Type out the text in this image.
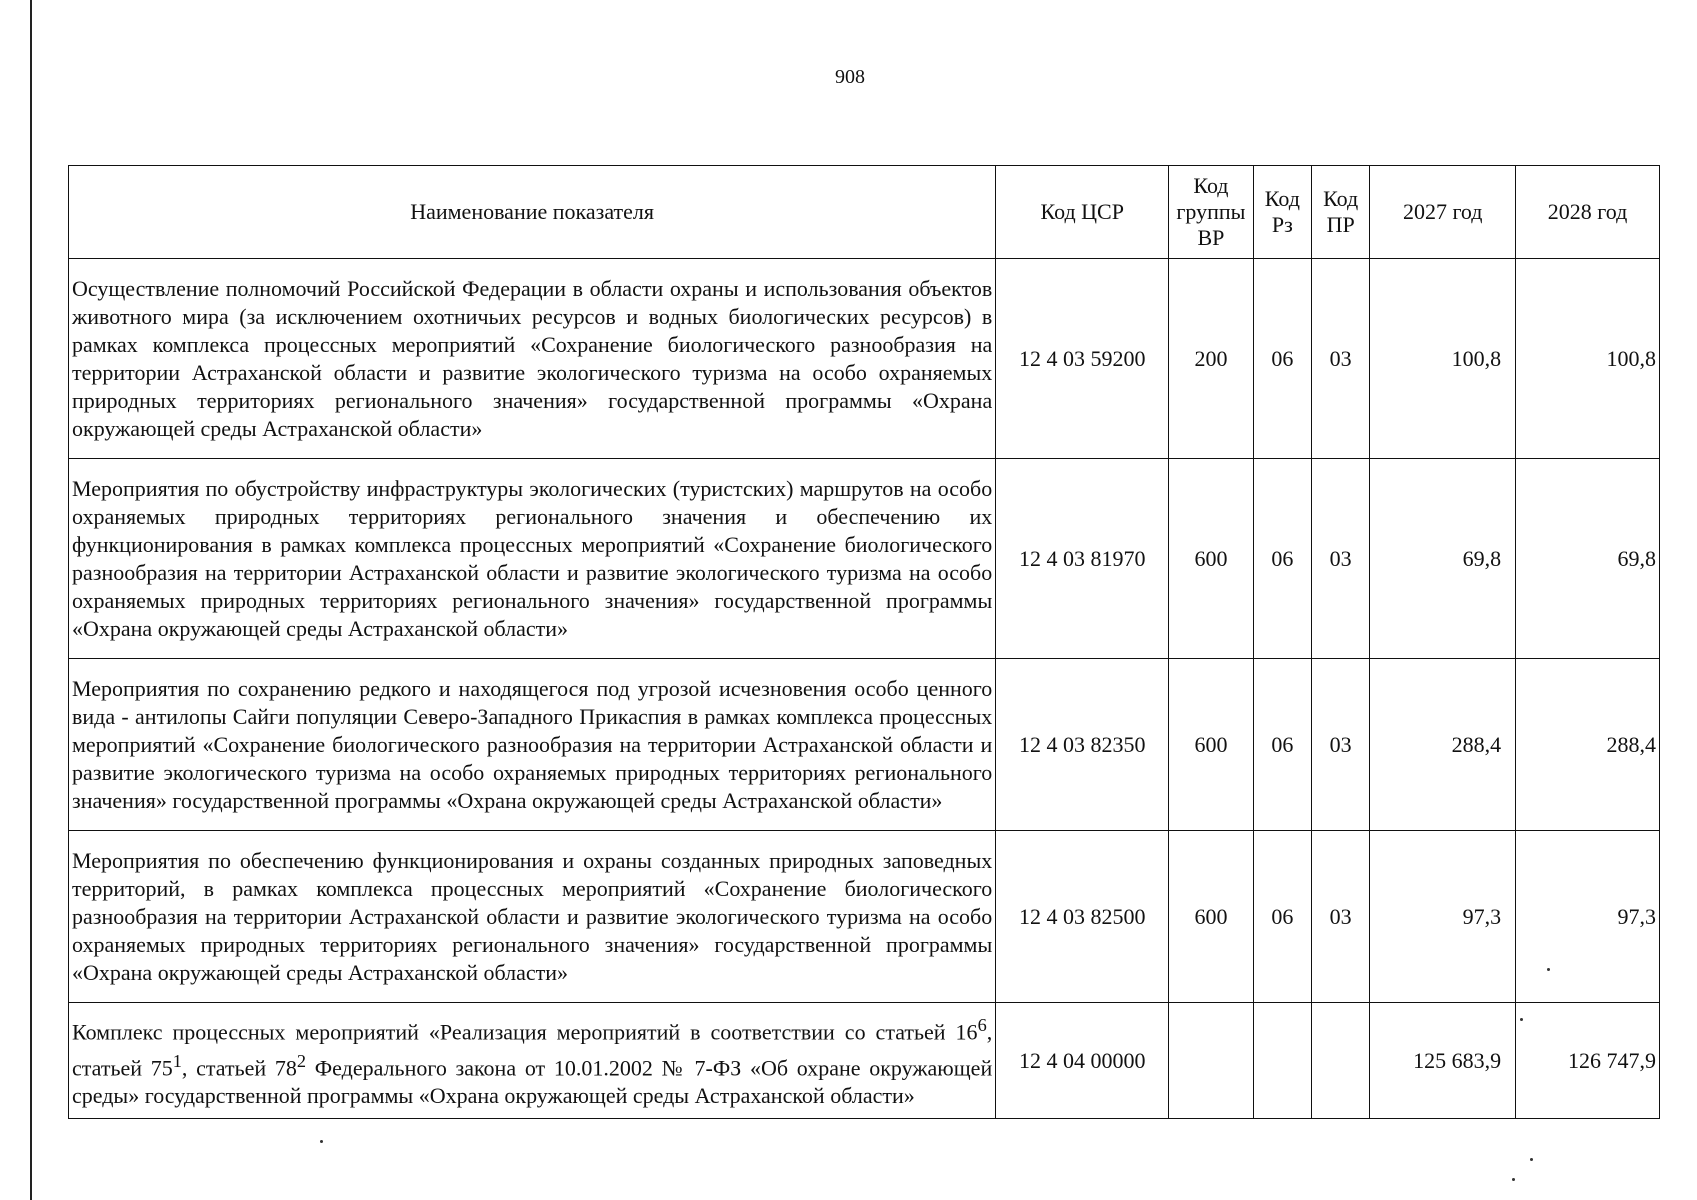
908
Наименование показателя	Код ЦСР	Код группы ВР	Код Рз	Код ПР	2027 год	2028 год
Осуществление полномочий Российской Федерации в области охраны и использования объектов животного мира (за исключением охотничьих ресурсов и водных биологических ресурсов) в рамках комплекса процессных мероприятий «Сохранение биологического разнообразия на территории Астраханской области и развитие экологического туризма на особо охраняемых природных территориях регионального значения» государственной программы «Охрана окружающей среды Астраханской области»	12 4 03 59200	200	06	03	100,8	100,8
Мероприятия по обустройству инфраструктуры экологических (туристских) маршрутов на особо охраняемых природных территориях регионального значения и обеспечению их функционирования в рамках комплекса процессных мероприятий «Сохранение биологического разнообразия на территории Астраханской области и развитие экологического туризма на особо охраняемых природных территориях регионального значения» государственной программы «Охрана окружающей среды Астраханской области»	12 4 03 81970	600	06	03	69,8	69,8
Мероприятия по сохранению редкого и находящегося под угрозой исчезновения особо ценного вида - антилопы Сайги популяции Северо-Западного Прикаспия в рамках комплекса процессных мероприятий «Сохранение биологического разнообразия на территории Астраханской области и развитие экологического туризма на особо охраняемых природных территориях регионального значения» государственной программы «Охрана окружающей среды Астраханской области»	12 4 03 82350	600	06	03	288,4	288,4
Мероприятия по обеспечению функционирования и охраны созданных природных заповедных территорий, в рамках комплекса процессных мероприятий «Сохранение биологического разнообразия на территории Астраханской области и развитие экологического туризма на особо охраняемых природных территориях регионального значения» государственной программы «Охрана окружающей среды Астраханской области»	12 4 03 82500	600	06	03	97,3	97,3
Комплекс процессных мероприятий «Реализация мероприятий в соответствии со статьей $16^6$, статьей $75^1$, статьей $78^2$ Федерального закона от 10.01.2002 № 7-ФЗ «Об охране окружающей среды» государственной программы «Охрана окружающей среды Астраханской области»	12 4 04 00000				125 683,9	126 747,9
